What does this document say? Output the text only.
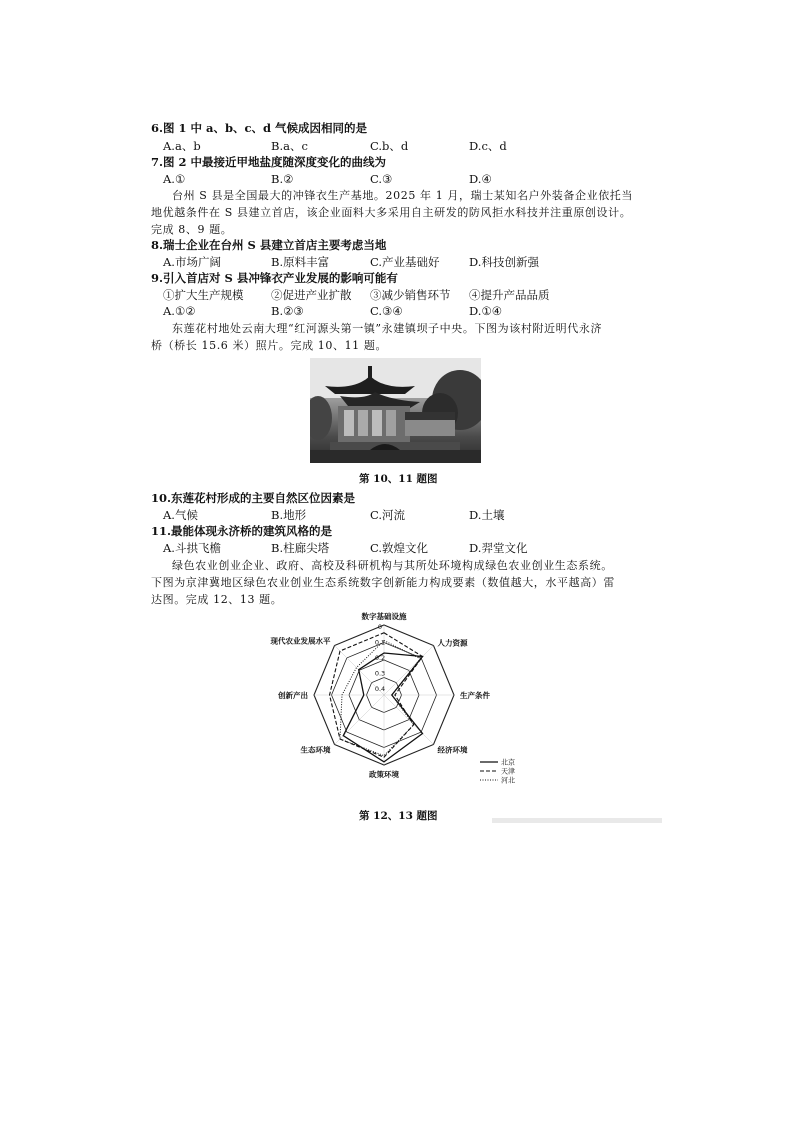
6.图 1 中 a、b、c、d 气候成因相同的是
A.a、b	B.a、c	C.b、d	D.c、d
7.图 2 中最接近甲地盐度随深度变化的曲线为
A.①	B.②	C.③	D.④
台州 S 县是全国最大的冲锋衣生产基地。2025 年 1 月，瑞士某知名户外装备企业依托当
地优越条件在 S 县建立首店，该企业面料大多采用自主研发的防风拒水科技并注重原创设计。
完成 8、9 题。
8.瑞士企业在台州 S 县建立首店主要考虑当地
A.市场广阔	B.原料丰富	C.产业基础好	D.科技创新强
9.引入首店对 S 县冲锋衣产业发展的影响可能有
①扩大生产规模 ②促进产业扩散 ③减少销售环节 ④提升产品品质
A.①②	B.②③	C.③④	D.①④
东莲花村地处云南大理“红河源头第一镇”永建镇坝子中央。下图为该村附近明代永济
桥（桥长 15.6 米）照片。完成 10、11 题。
第 10、11 题图
10.东莲花村形成的主要自然区位因素是
A.气候	B.地形	C.河流	D.土壤
11.最能体现永济桥的建筑风格的是
A.斗拱飞檐	B.柱廊尖塔	C.敦煌文化	D.羿堂文化
绿色农业创业企业、政府、高校及科研机构与其所处环境构成绿色农业创业生态系统。
下图为京津冀地区绿色农业创业生态系统数字创新能力构成要素（数值越大，水平越高）雷
达图。完成 12、13 题。
数字基础设施
人力资源
生产条件
经济环境
政策环境
生态环境
创新产出
现代农业发展水平
0
0.1
0.2
0.3
0.4
北京
天津
河北
第 12、13 题图
